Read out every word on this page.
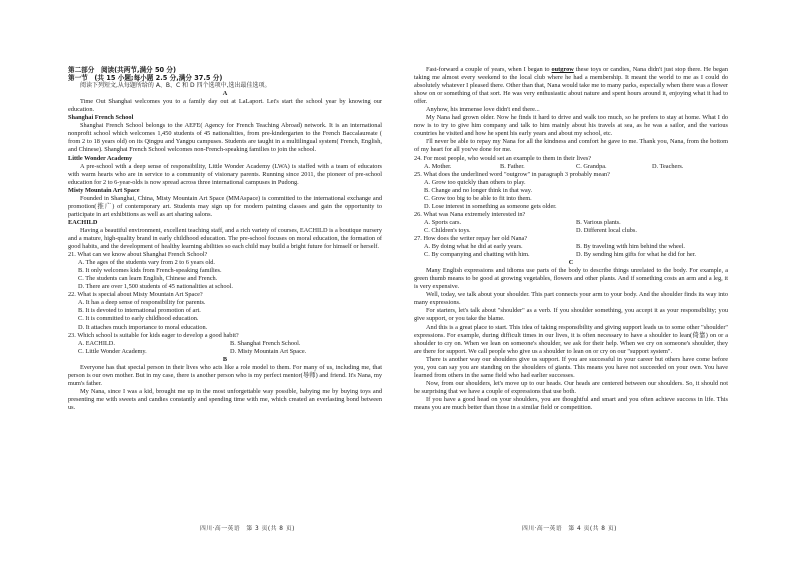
第二部分　阅读(共两节,满分 50 分)

第一节　(共 15 小题;每小题 2.5 分,满分 37.5 分)

阅读下列短文,从每题所给的 A、B、C 和 D 四个选项中,选出最佳选项。

A

Time Out Shanghai welcomes you to a family day out at LaLaport. Let's start the school year by knowing our education.

Shanghai French School

Shanghai French School belongs to the AEFE( Agency for French Teaching Abroad) network. It is an international nonprofit school which welcomes 1,450 students of 45 nationalities, from pre-kindergarten to the French Baccalaureate ( from 2 to 18 years old) on its Qingpu and Yangpu campuses. Students are taught in a multilingual system( French, English, and Chinese). Shanghai French School welcomes non-French-speaking families to join the school.

Little Wonder Academy

A pre-school with a deep sense of responsibility, Little Wonder Academy (LWA) is staffed with a team of educators with warm hearts who are in service to a community of visionary parents. Running since 2011, the pioneer of pre-school education for 2 to 6-year-olds is now spread across three international campuses in Pudong.

Misty Mountain Art Space

Founded in Shanghai, China, Misty Mountain Art Space (MMAspace) is committed to the international exchange and promotion(推广) of contemporary art. Students may sign up for modern painting classes and gain the opportunity to participate in art exhibitions as well as art sharing salons.

EACHILD

Having a beautiful environment, excellent teaching staff, and a rich variety of courses, EACHILD is a boutique nursery and a mature, high-quality brand in early childhood education. The pre-school focuses on moral education, the formation of good habits, and the development of healthy learning abilities so each child may build a bright future for himself or herself.

21. What can we know about Shanghai French School?

A. The ages of the students vary from 2 to 6 years old.

B. It only welcomes kids from French-speaking families.

C. The students can learn English, Chinese and French.

D. There are over 1,500 students of 45 nationalities at school.

22. What is special about Misty Mountain Art Space?

A. It has a deep sense of responsibility for parents.

B. It is devoted to international promotion of art.

C. It is committed to early childhood education.

D. It attaches much importance to moral education.

23. Which school is suitable for kids eager to develop a good habit?

A. EACHILD.	B. Shanghai French School.
C. Little Wonder Academy.	D. Misty Mountain Art Space.

B

Everyone has that special person in their lives who acts like a role model to them. For many of us, including me, that person is our own mother. But in my case, there is another person who is my perfect mentor(导师) and friend. It's Nana, my mum's father.

My Nana, since I was a kid, brought me up in the most unforgettable way possible, babying me by buying toys and presenting me with sweets and candies constantly and spending time with me, which created an everlasting bond between us.

Fast-forward a couple of years, when I began to outgrow these toys or candies, Nana didn't just stop there. He began taking me almost every weekend to the local club where he had a membership. It meant the world to me as I could do absolutely whatever I pleased there. Other than that, Nana would take me to many parks, especially when there was a flower show on or something of that sort. He was very enthusiastic about nature and spent hours around it, enjoying what it had to offer.

Anyhow, his immense love didn't end there...

My Nana had grown older. Now he finds it hard to drive and walk too much, so he prefers to stay at home. What I do now is to try to give him company and talk to him mainly about his travels at sea, as he was a sailor, and the various countries he visited and how he spent his early years and about my school, etc.

I'll never be able to repay my Nana for all the kindness and comfort he gave to me. Thank you, Nana, from the bottom of my heart for all you've done for me.

24. For most people, who would set an example to them in their lives?

A. Mother.	B. Father.	C. Grandpa.	D. Teachers.

25. What does the underlined word "outgrow" in paragraph 3 probably mean?

A. Grow too quickly than others to play.

B. Change and no longer think in that way.

C. Grow too big to be able to fit into them.

D. Lose interest in something as someone gets older.

26. What was Nana extremely interested in?

A. Sports cars.	B. Various plants.
C. Children's toys.	D. Different local clubs.

27. How does the writer repay her old Nana?

A. By doing what he did at early years.	B. By traveling with him behind the wheel.
C. By companying and chatting with him.	D. By sending him gifts for what he did for her.

C

Many English expressions and idioms use parts of the body to describe things unrelated to the body. For example, a green thumb means to be good at growing vegetables, flowers and other plants. And if something costs an arm and a leg, it is very expensive.

Well, today, we talk about your shoulder. This part connects your arm to your body. And the shoulder finds its way into many expressions.

For starters, let's talk about "shoulder" as a verb. If you shoulder something, you accept it as your responsibility; you give support, or you take the blame.

And this is a great place to start. This idea of taking responsibility and giving support leads us to some other "shoulder" expressions. For example, during difficult times in our lives, it is often necessary to have a shoulder to lean(倚靠) on or a shoulder to cry on. When we lean on someone's shoulder, we ask for their help. When we cry on someone's shoulder, they are there for support. We call people who give us a shoulder to lean on or cry on our "support system".

There is another way our shoulders give us support. If you are successful in your career but others have come before you, you can say you are standing on the shoulders of giants. This means you have not succeeded on your own. You have learned from others in the same field who had earlier successes.

Now, from our shoulders, let's move up to our heads. Our heads are centered between our shoulders. So, it should not be surprising that we have a couple of expressions that use both.

If you have a good head on your shoulders, you are thoughtful and smart and you often achieve success in life. This means you are much better than those in a similar field or competition.

四川·高一英语　第 3 页(共 8 页)	四川·高一英语　第 4 页(共 8 页)
